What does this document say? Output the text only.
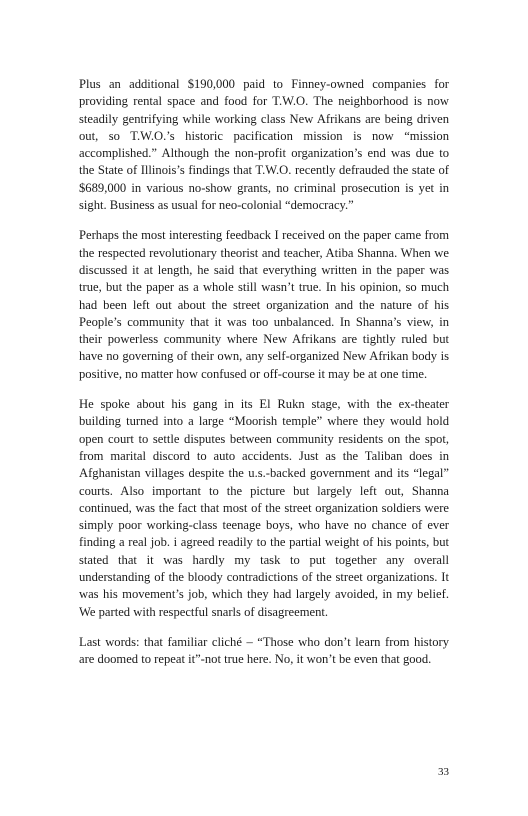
Plus an additional $190,000 paid to Finney-owned companies for providing rental space and food for T.W.O. The neighborhood is now steadily gentrifying while working class New Afrikans are being driven out, so T.W.O.’s historic pacification mission is now “mission accomplished.” Although the non-profit organization’s end was due to the State of Illinois’s findings that T.W.O. recently defrauded the state of $689,000 in various no-show grants, no criminal prosecution is yet in sight. Business as usual for neo-colonial “democracy.”

Perhaps the most interesting feedback I received on the paper came from the respected revolutionary theorist and teacher, Atiba Shanna. When we discussed it at length, he said that everything written in the paper was true, but the paper as a whole still wasn’t true. In his opinion, so much had been left out about the street organization and the nature of his People’s community that it was too unbalanced. In Shanna’s view, in their powerless community where New Afrikans are tightly ruled but have no governing of their own, any self-organized New Afrikan body is positive, no matter how confused or off-course it may be at one time.

He spoke about his gang in its El Rukn stage, with the ex-theater building turned into a large “Moorish temple” where they would hold open court to settle disputes between community residents on the spot, from marital discord to auto accidents. Just as the Taliban does in Afghanistan villages despite the u.s.-backed government and its “legal” courts. Also important to the picture but largely left out, Shanna continued, was the fact that most of the street organization soldiers were simply poor working-class teenage boys, who have no chance of ever finding a real job. i agreed readily to the partial weight of his points, but stated that it was hardly my task to put together any overall understanding of the bloody contradictions of the street organizations. It was his movement’s job, which they had largely avoided, in my belief. We parted with respectful snarls of disagreement.

Last words: that familiar cliché – “Those who don’t learn from history are doomed to repeat it”-not true here. No, it won’t be even that good.

33
